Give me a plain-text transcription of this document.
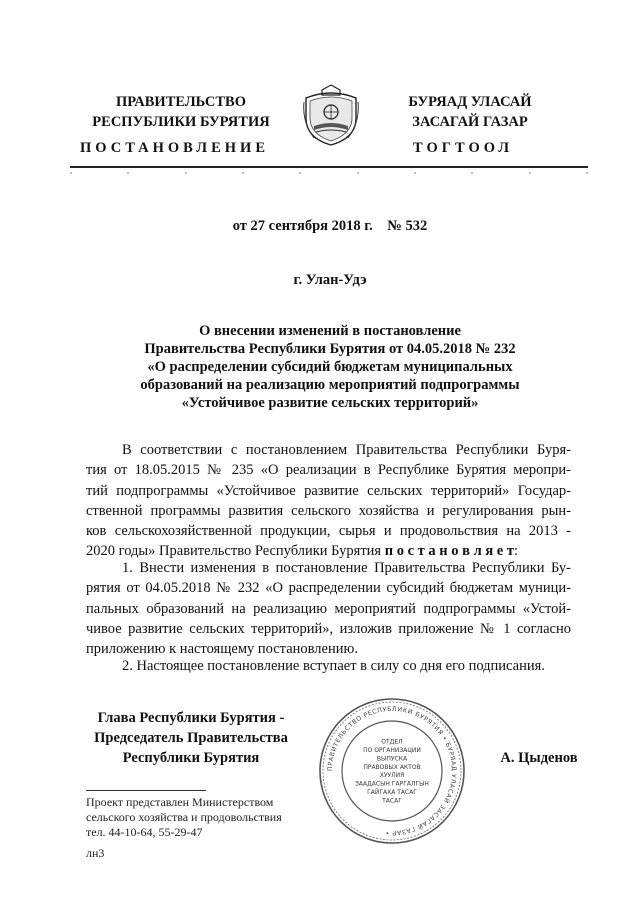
ПРАВИТЕЛЬСТВО
РЕСПУБЛИКИ БУРЯТИЯ
БУРЯАД УЛАСАЙ
ЗАСАГАЙ ГАЗАР
ПОСТАНОВЛЕНИЕ	ТОГТООЛ
от 27 сентября 2018 г.    № 532
г. Улан-Удэ
О внесении изменений в постановление
Правительства Республики Бурятия от 04.05.2018 № 232
«О распределении субсидий бюджетам муниципальных
образований на реализацию мероприятий подпрограммы
«Устойчивое развитие сельских территорий»
В соответствии с постановлением Правительства Республики Буря-
тия от 18.05.2015 № 235 «О реализации в Республике Бурятия меропри-
тий подпрограммы «Устойчивое развитие сельских территорий» Государ-
ственной программы развития сельского хозяйства и регулирования рын-
ков сельскохозяйственной продукции, сырья и продовольствия на 2013 -
2020 годы» Правительство Республики Бурятия п о с т а н о в л я е т:
1. Внести изменения в постановление Правительства Республики Бу-
рятия от 04.05.2018 № 232 «О распределении субсидий бюджетам муници-
пальных образований на реализацию мероприятий подпрограммы «Устой-
чивое развитие сельских территорий», изложив приложение № 1 согласно
приложению к настоящему постановлению.
2. Настоящее постановление вступает в силу со дня его подписания.
Глава Республики Бурятия -
Председатель Правительства
Республики Бурятия
ПРАВИТЕЛЬСТВО РЕСПУБЛИКИ БУРЯТИЯ • БУРЯАД УЛАСАЙ ЗАСАГАЙ ГАЗАР •
ОТДЕЛ
ПО ОРГАНИЗАЦИИ
ВЫПУСКА
ПРАВОВЫХ АКТОВ
ХУУЛИЯ
ЗААДАСЫН ГАРГАЛГЫН
ГАЙГАХА ТАСАГ
ТАСАГ
А. Цыденов
Проект представлен Министерством
сельского хозяйства и продовольствия
тел. 44-10-64, 55-29-47
лн3
